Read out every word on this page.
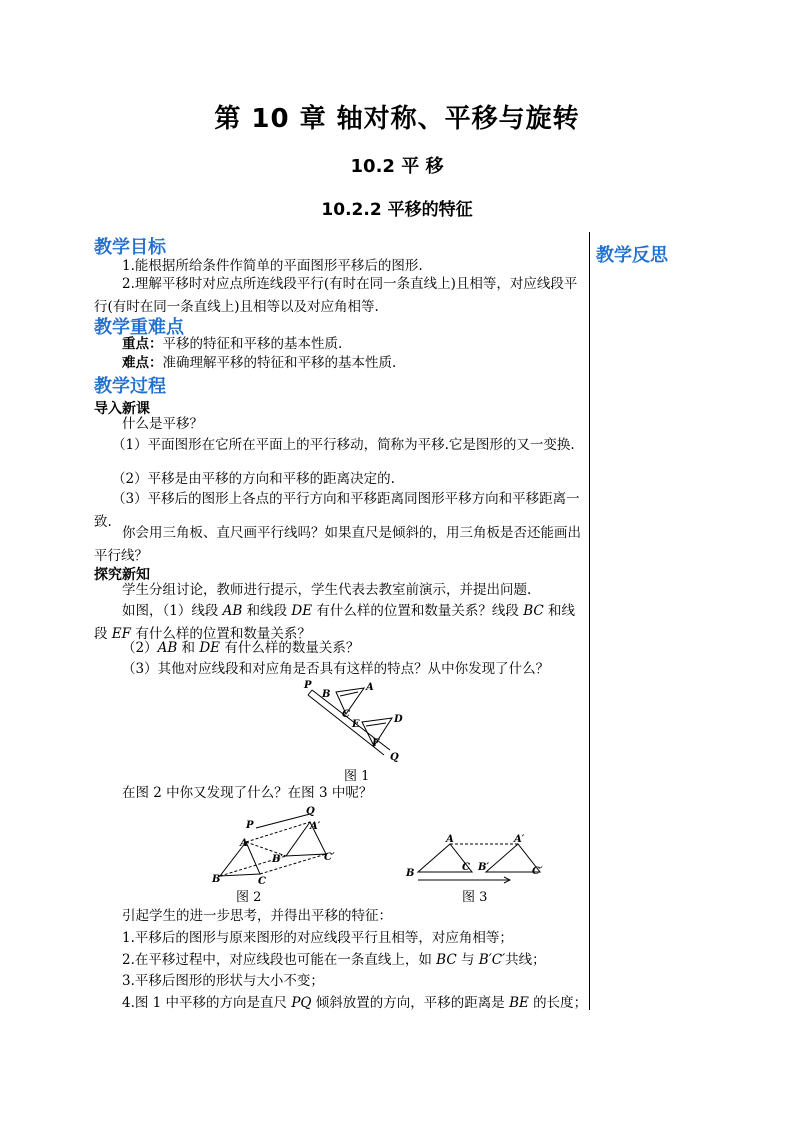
第 10 章 轴对称、平移与旋转
10.2 平 移
10.2.2 平移的特征
教学反思
教学目标
1.能根据所给条件作简单的平面图形平移后的图形.
2.理解平移时对应点所连线段平行(有时在同一条直线上)且相等，对应线段平行(有时在同一条直线上)且相等以及对应角相等.
教学重难点
重点：平移的特征和平移的基本性质.
难点：准确理解平移的特征和平移的基本性质.
教学过程
导入新课
什么是平移？
（1）平面图形在它所在平面上的平行移动，简称为平移.它是图形的又一变换.
（2）平移是由平移的方向和平移的距离决定的.
（3）平移后的图形上各点的平行方向和平移距离同图形平移方向和平移距离一致.
你会用三角板、直尺画平行线吗？如果直尺是倾斜的，用三角板是否还能画出平行线？
探究新知
学生分组讨论，教师进行提示，学生代表去教室前演示，并提出问题.
如图，（1）线段 AB 和线段 DE 有什么样的位置和数量关系？线段 BC 和线段 EF 有什么样的位置和数量关系？
（2）AB 和 DE 有什么样的数量关系？
（3）其他对应线段和对应角是否具有这样的特点？从中你发现了什么？
P	A
B
C
E	D
F
Q
图 1
在图 2 中你又发现了什么？在图 3 中呢？
Q
P	A′
A
B′	C′
B	C
图 2
A	A′
B
C B′	C′
图 3
引起学生的进一步思考，并得出平移的特征：
1.平移后的图形与原来图形的对应线段平行且相等，对应角相等；
2.在平移过程中，对应线段也可能在一条直线上，如 BC 与 B′C′共线；
3.平移后图形的形状与大小不变；
4.图 1 中平移的方向是直尺 PQ 倾斜放置的方向，平移的距离是 BE 的长度；
